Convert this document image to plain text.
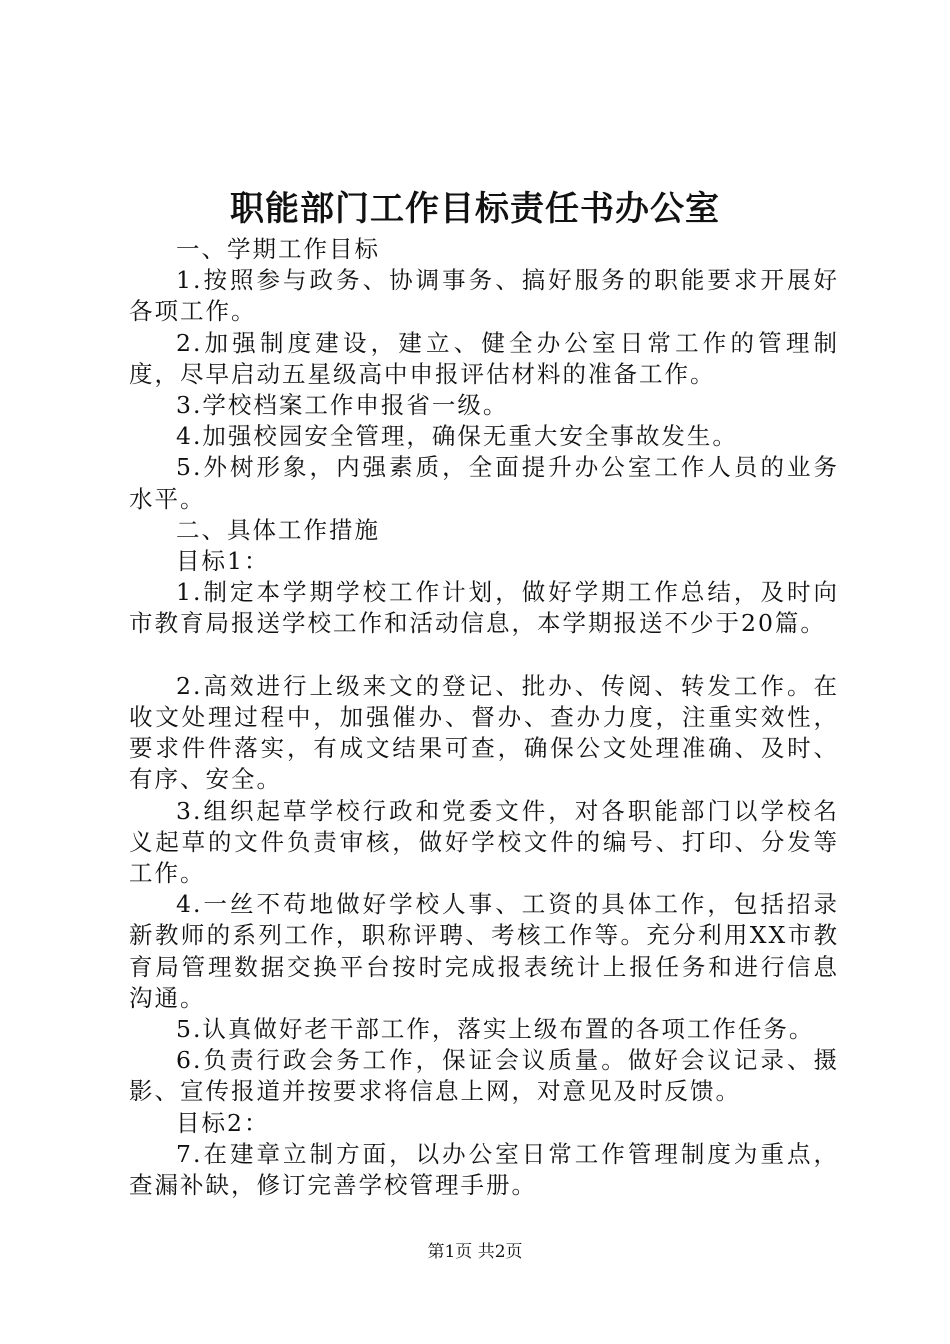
职能部门工作目标责任书办公室

一、学期工作目标

1.按照参与政务、协调事务、搞好服务的职能要求开展好各项工作。

2.加强制度建设，建立、健全办公室日常工作的管理制度，尽早启动五星级高中申报评估材料的准备工作。

3.学校档案工作申报省一级。

4.加强校园安全管理，确保无重大安全事故发生。

5.外树形象，内强素质，全面提升办公室工作人员的业务水平。

二、具体工作措施

目标1：

1.制定本学期学校工作计划，做好学期工作总结，及时向市教育局报送学校工作和活动信息，本学期报送不少于20篇。

2.高效进行上级来文的登记、批办、传阅、转发工作。在收文处理过程中，加强催办、督办、查办力度，注重实效性，要求件件落实，有成文结果可查，确保公文处理准确、及时、有序、安全。

3.组织起草学校行政和党委文件，对各职能部门以学校名义起草的文件负责审核，做好学校文件的编号、打印、分发等工作。

4.一丝不苟地做好学校人事、工资的具体工作，包括招录新教师的系列工作，职称评聘、考核工作等。充分利用XX市教育局管理数据交换平台按时完成报表统计上报任务和进行信息沟通。

5.认真做好老干部工作，落实上级布置的各项工作任务。

6.负责行政会务工作，保证会议质量。做好会议记录、摄影、宣传报道并按要求将信息上网，对意见及时反馈。

目标2：

7.在建章立制方面，以办公室日常工作管理制度为重点，查漏补缺，修订完善学校管理手册。

第1页 共2页
